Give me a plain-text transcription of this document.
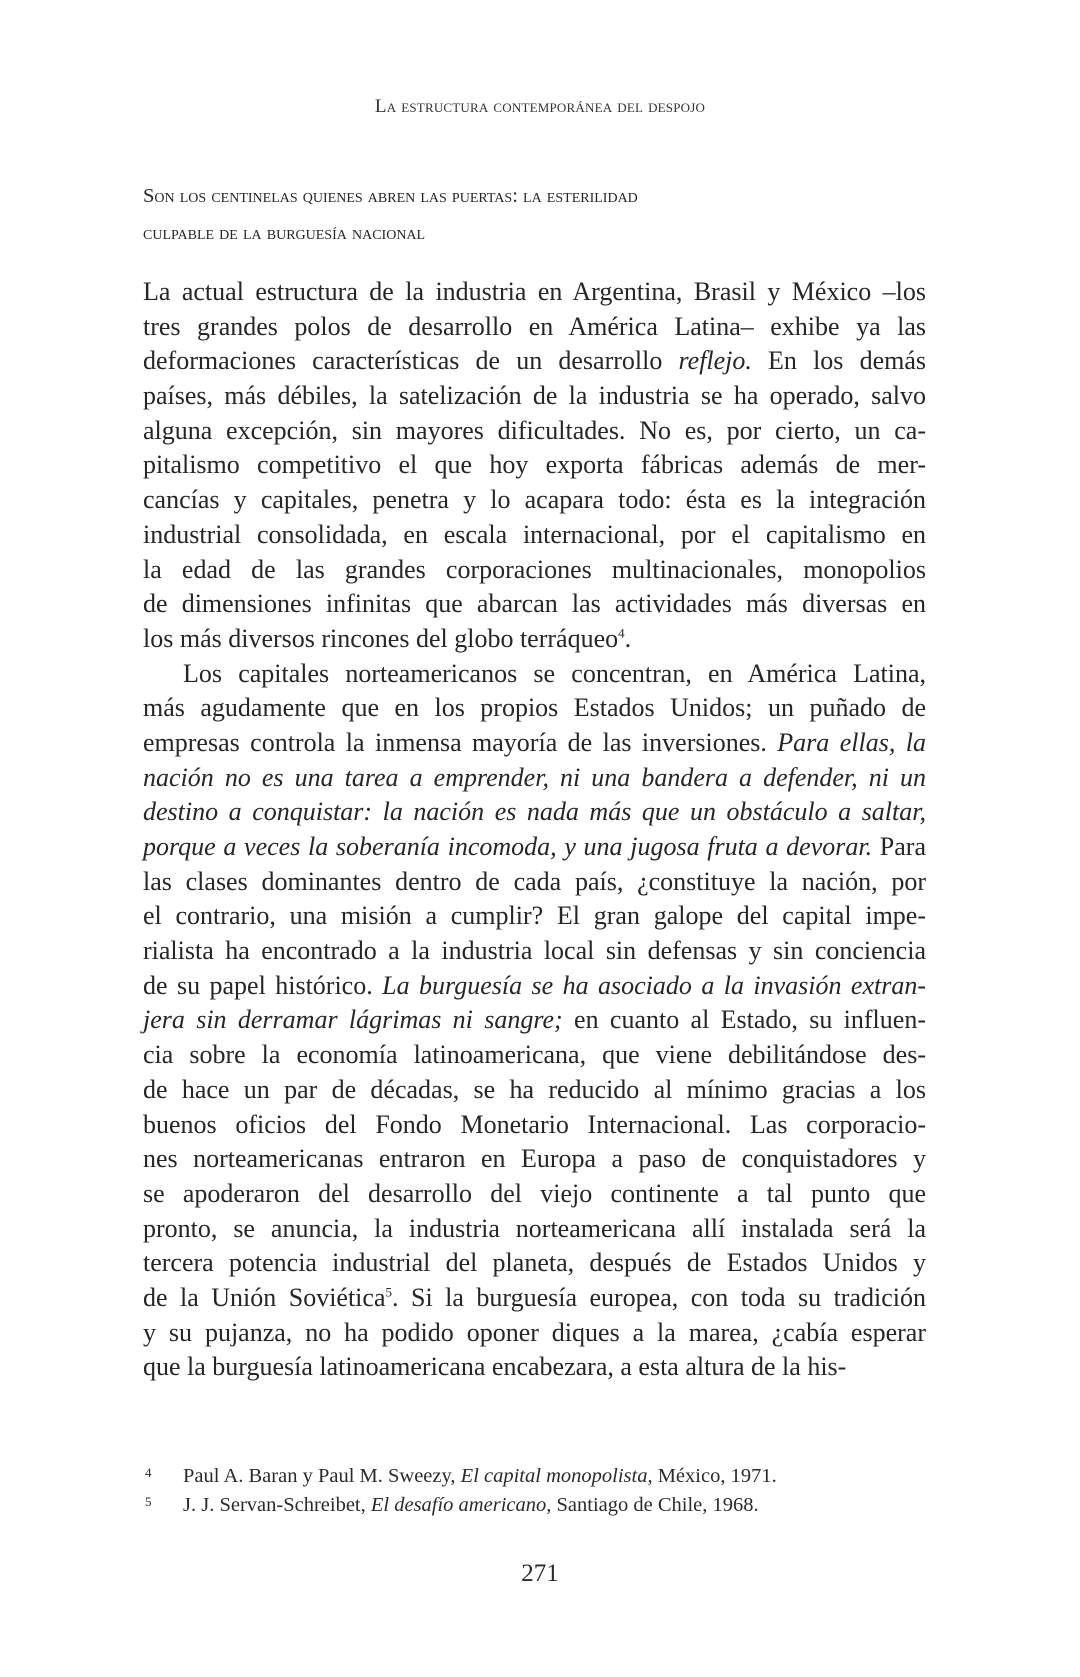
La estructura contemporánea del despojo
Son los centinelas quienes abren las puertas: la esterilidad
culpable de la burguesía nacional
La actual estructura de la industria en Argentina, Brasil y México –los
tres grandes polos de desarrollo en América Latina– exhibe ya las
deformaciones características de un desarrollo reflejo. En los demás
países, más débiles, la satelización de la industria se ha operado, salvo
alguna excepción, sin mayores dificultades. No es, por cierto, un ca-
pitalismo competitivo el que hoy exporta fábricas además de mer-
cancías y capitales, penetra y lo acapara todo: ésta es la integración
industrial consolidada, en escala internacional, por el capitalismo en
la edad de las grandes corporaciones multinacionales, monopolios
de dimensiones infinitas que abarcan las actividades más diversas en
los más diversos rincones del globo terráqueo$^4$.
Los capitales norteamericanos se concentran, en América Latina,
más agudamente que en los propios Estados Unidos; un puñado de
empresas controla la inmensa mayoría de las inversiones. Para ellas, la
nación no es una tarea a emprender, ni una bandera a defender, ni un
destino a conquistar: la nación es nada más que un obstáculo a saltar,
porque a veces la soberanía incomoda, y una jugosa fruta a devorar. Para
las clases dominantes dentro de cada país, ¿constituye la nación, por
el contrario, una misión a cumplir? El gran galope del capital impe-
rialista ha encontrado a la industria local sin defensas y sin conciencia
de su papel histórico. La burguesía se ha asociado a la invasión extran-
jera sin derramar lágrimas ni sangre; en cuanto al Estado, su influen-
cia sobre la economía latinoamericana, que viene debilitándose des-
de hace un par de décadas, se ha reducido al mínimo gracias a los
buenos oficios del Fondo Monetario Internacional. Las corporacio-
nes norteamericanas entraron en Europa a paso de conquistadores y
se apoderaron del desarrollo del viejo continente a tal punto que
pronto, se anuncia, la industria norteamericana allí instalada será la
tercera potencia industrial del planeta, después de Estados Unidos y
de la Unión Soviética$^5$. Si la burguesía europea, con toda su tradición
y su pujanza, no ha podido oponer diques a la marea, ¿cabía esperar
que la burguesía latinoamericana encabezara, a esta altura de la his-
4 Paul A. Baran y Paul M. Sweezy, El capital monopolista, México, 1971.
5 J. J. Servan-Schreibet, El desafío americano, Santiago de Chile, 1968.
271
